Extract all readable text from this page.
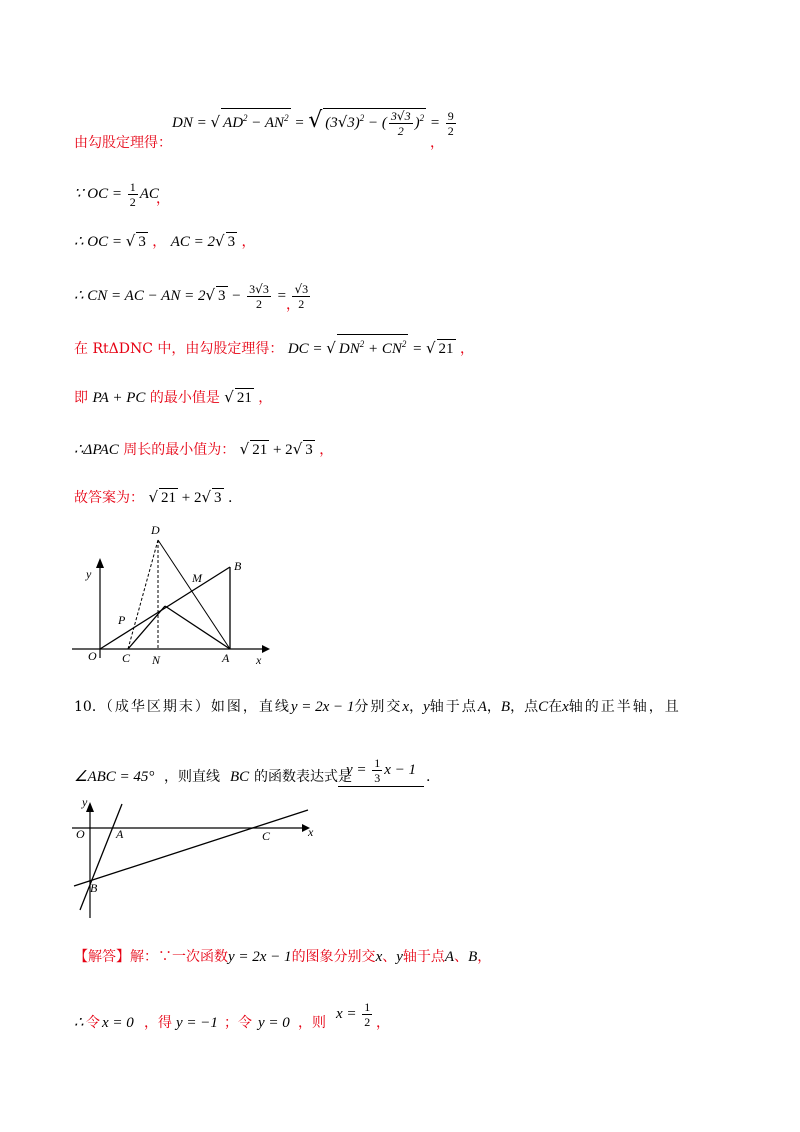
由勾股定理得：
DN = √ $AD^2 - AN^2$ = √ $(3√3)^2$ − ( $\frac{3√3}{2} )^2 = \frac{9}{2}$
，
∵ OC = $\frac{1}{2}$ AC
，
∴ OC = √ 3 ， AC = 2√ 3 ，
∴ CN = AC − AN = 2√ $3 - \frac{3√3}{2} = \frac{√3}{2}$
，
在 RtΔDNC 中，由勾股定理得： DC = √ $DN^2 + CN^2$ = √ 21 ，
即 PA + PC 的最小值是 √ 21 ，
∴ΔPAC 周长的最小值为： √ 21 + 2√ 3 ，
故答案为： √ 21 + 2√ 3 .
D
B
M
y
P
O C N	A x
10．（成华区期末）如图，直线y = 2x − 1分别交x，y轴于点A，B，点C在x轴的正半轴，且
∠ABC = 45° ，则直线 BC 的函数表达式是
$y = \frac{1}{3}$ x − 1 .
y
O	A	C	x
B
【解答】解：∵一次函数y = 2x − 1的图象分别交x、y轴于点A、B，
∴ 令 x = 0 ，得 y = −1 ；令 y = 0 ，则
$x = \frac{1}{2}$ ，
